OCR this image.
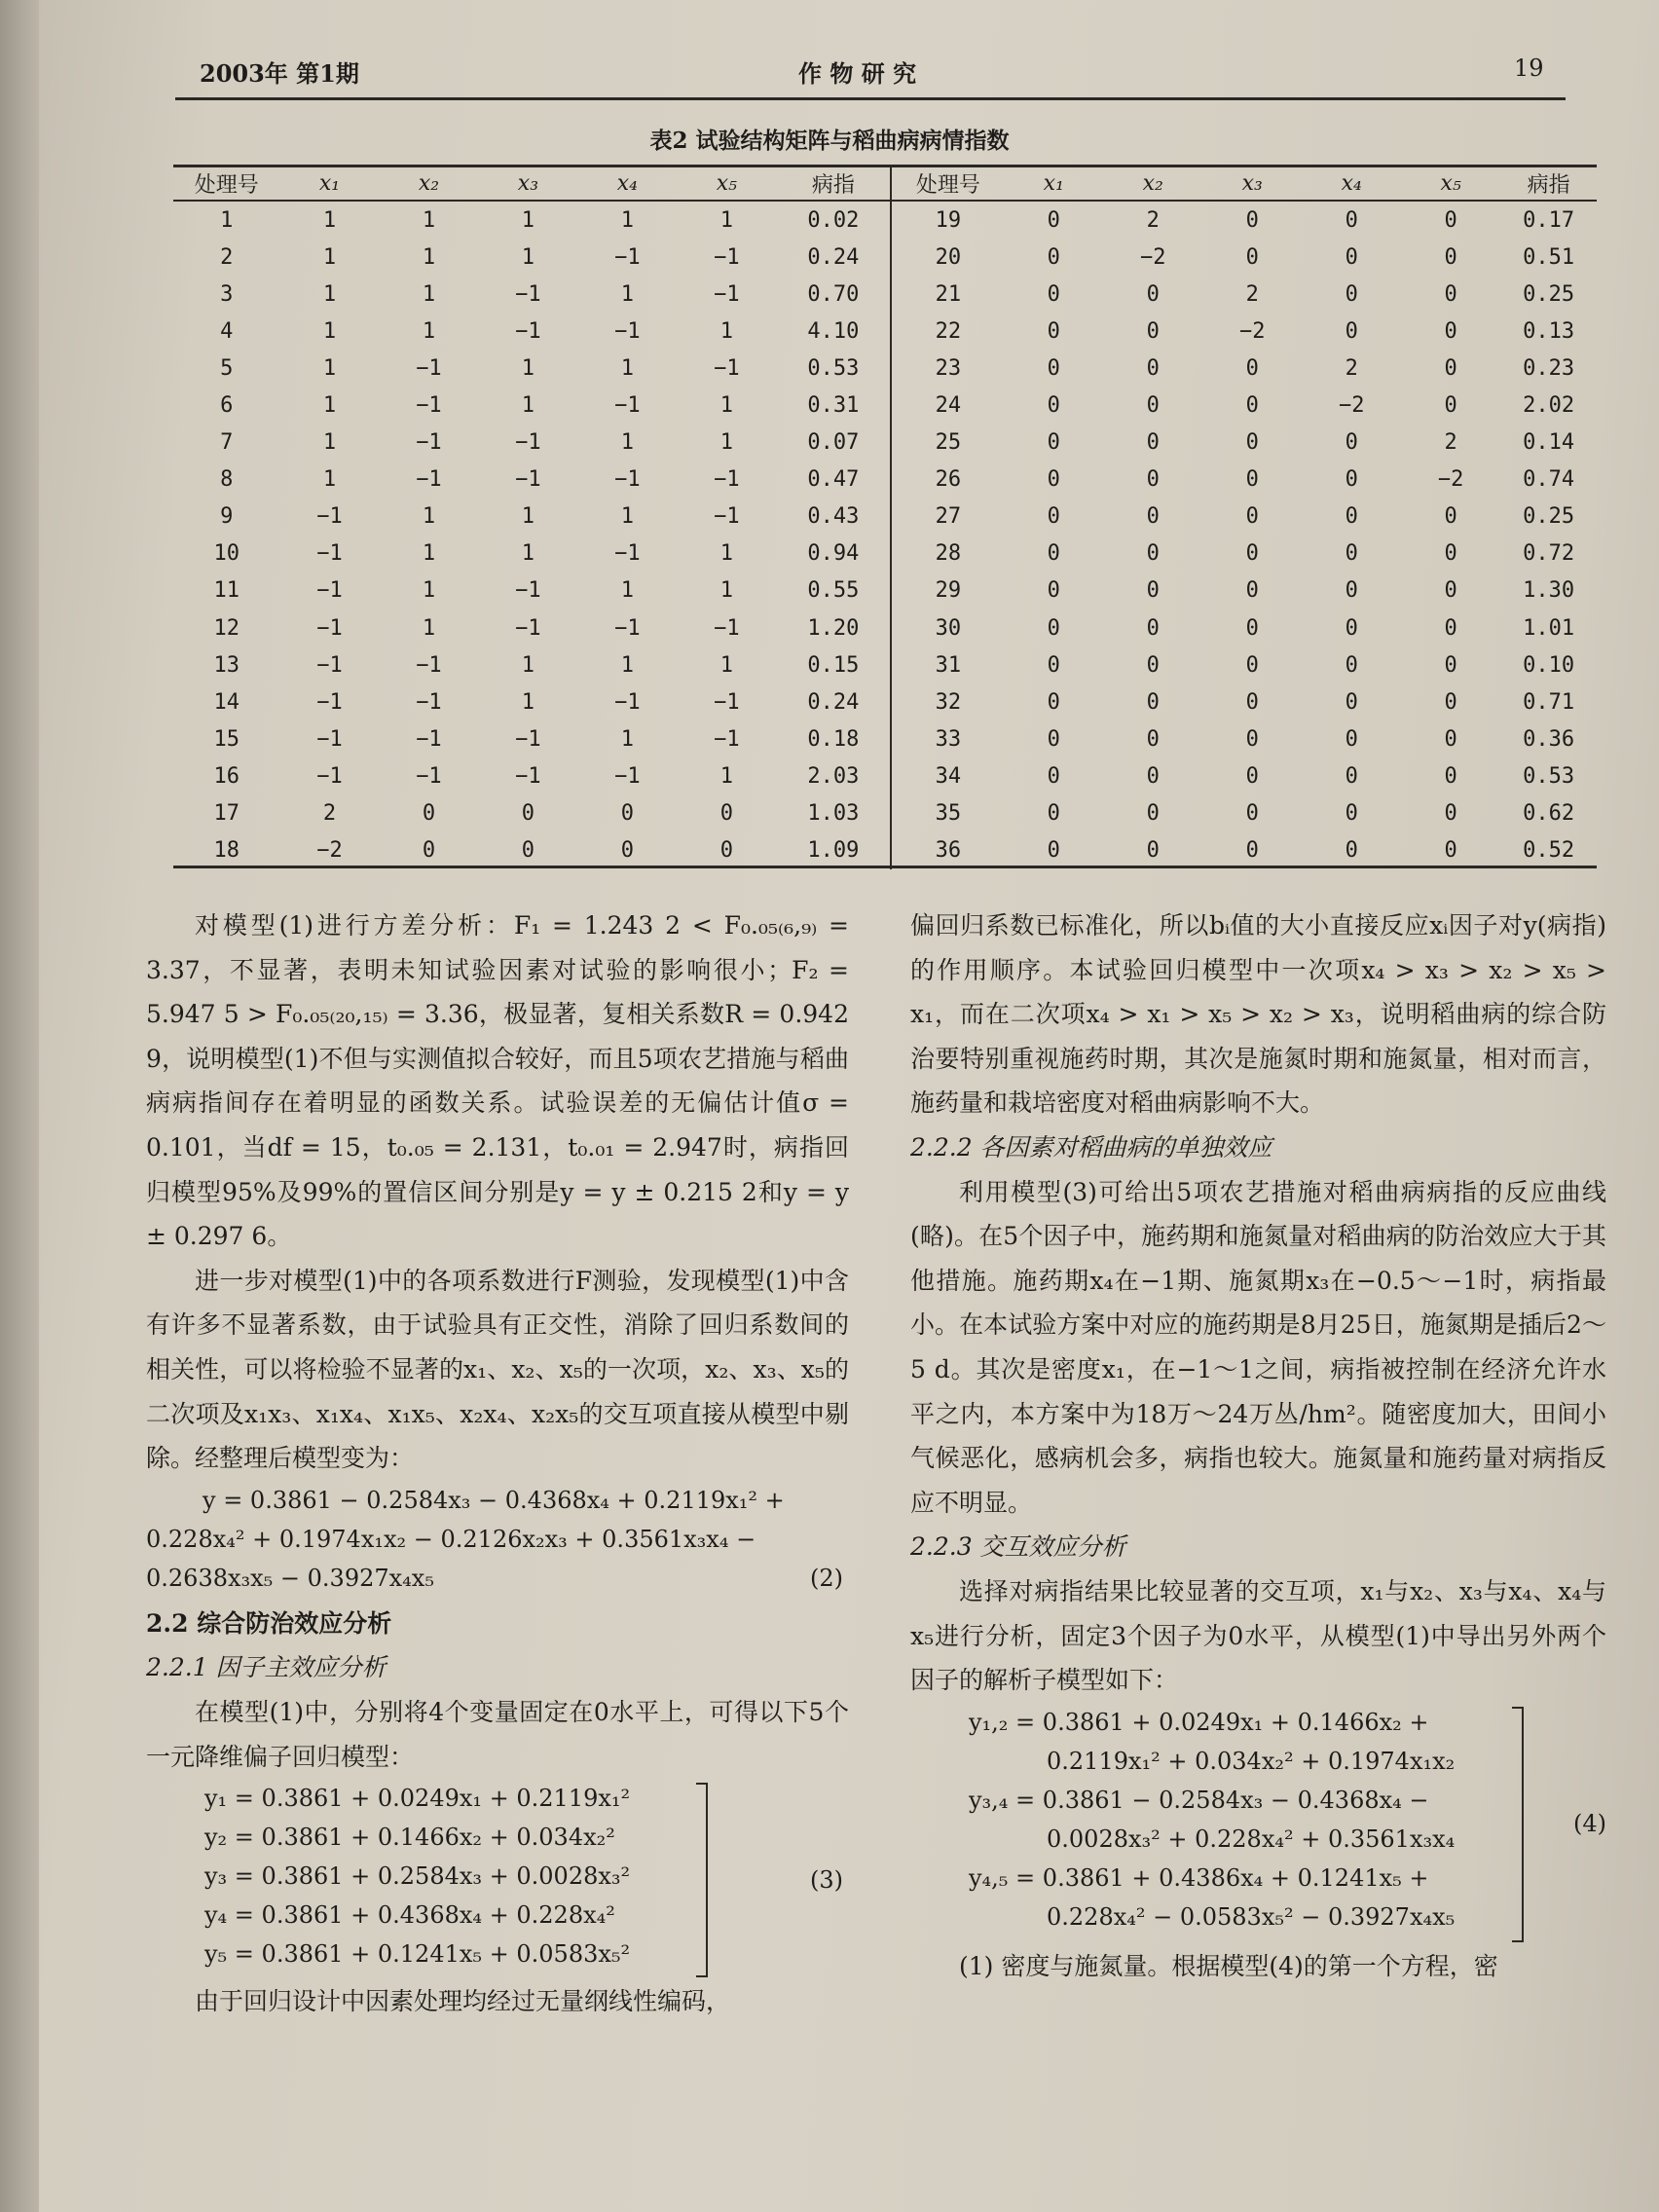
2003年 第1期	作 物 研 究	19
表2 试验结构矩阵与稻曲病病情指数
处理号	x₁	x₂	x₃	x₄	x₅	病指	处理号	x₁	x₂	x₃	x₄	x₅	病指
1	1	1	1	1	1	0.02	19	0	2	0	0	0	0.17
2	1	1	1	−1	−1	0.24	20	0	−2	0	0	0	0.51
3	1	1	−1	1	−1	0.70	21	0	0	2	0	0	0.25
4	1	1	−1	−1	1	4.10	22	0	0	−2	0	0	0.13
5	1	−1	1	1	−1	0.53	23	0	0	0	2	0	0.23
6	1	−1	1	−1	1	0.31	24	0	0	0	−2	0	2.02
7	1	−1	−1	1	1	0.07	25	0	0	0	0	2	0.14
8	1	−1	−1	−1	−1	0.47	26	0	0	0	0	−2	0.74
9	−1	1	1	1	−1	0.43	27	0	0	0	0	0	0.25
10	−1	1	1	−1	1	0.94	28	0	0	0	0	0	0.72
11	−1	1	−1	1	1	0.55	29	0	0	0	0	0	1.30
12	−1	1	−1	−1	−1	1.20	30	0	0	0	0	0	1.01
13	−1	−1	1	1	1	0.15	31	0	0	0	0	0	0.10
14	−1	−1	1	−1	−1	0.24	32	0	0	0	0	0	0.71
15	−1	−1	−1	1	−1	0.18	33	0	0	0	0	0	0.36
16	−1	−1	−1	−1	1	2.03	34	0	0	0	0	0	0.53
17	2	0	0	0	0	1.03	35	0	0	0	0	0	0.62
18	−2	0	0	0	0	1.09	36	0	0	0	0	0	0.52

对模型(1)进行方差分析：F₁ = 1.243 2 < F₀.₀₅₍₆,₉₎ = 3.37，不显著，表明未知试验因素对试验的影响很小；F₂ = 5.947 5 > F₀.₀₅₍₂₀,₁₅₎ = 3.36，极显著，复相关系数R = 0.942 9，说明模型(1)不但与实测值拟合较好，而且5项农艺措施与稻曲病病指间存在着明显的函数关系。试验误差的无偏估计值σ = 0.101，当df = 15，t₀.₀₅ = 2.131，t₀.₀₁ = 2.947时，病指回归模型95%及99%的置信区间分别是y = y ± 0.215 2和y = y ± 0.297 6。

进一步对模型(1)中的各项系数进行F测验，发现模型(1)中含有许多不显著系数，由于试验具有正交性，消除了回归系数间的相关性，可以将检验不显著的x₁、x₂、x₅的一次项，x₂、x₃、x₅的二次项及x₁x₃、x₁x₄、x₁x₅、x₂x₄、x₂x₅的交互项直接从模型中剔除。经整理后模型变为：

y = 0.3861 − 0.2584x₃ − 0.4368x₄ + 0.2119x₁² +
0.228x₄² + 0.1974x₁x₂ − 0.2126x₂x₃ + 0.3561x₃x₄ −
0.2638x₃x₅ − 0.3927x₄x₅	(2)
2.2 综合防治效应分析
2.2.1 因子主效应分析

在模型(1)中，分别将4个变量固定在0水平上，可得以下5个一元降维偏子回归模型：

y₁ = 0.3861 + 0.0249x₁ + 0.2119x₁²
y₂ = 0.3861 + 0.1466x₂ + 0.034x₂²
y₃ = 0.3861 + 0.2584x₃ + 0.0028x₃²
y₄ = 0.3861 + 0.4368x₄ + 0.228x₄²
y₅ = 0.3861 + 0.1241x₅ + 0.0583x₅²
(3)

由于回归设计中因素处理均经过无量纲线性编码，

偏回归系数已标准化，所以bᵢ值的大小直接反应xᵢ因子对y(病指)的作用顺序。本试验回归模型中一次项x₄ > x₃ > x₂ > x₅ > x₁，而在二次项x₄ > x₁ > x₅ > x₂ > x₃，说明稻曲病的综合防治要特别重视施药时期，其次是施氮时期和施氮量，相对而言，施药量和栽培密度对稻曲病影响不大。

2.2.2 各因素对稻曲病的单独效应

利用模型(3)可给出5项农艺措施对稻曲病病指的反应曲线(略)。在5个因子中，施药期和施氮量对稻曲病的防治效应大于其他措施。施药期x₄在−1期、施氮期x₃在−0.5～−1时，病指最小。在本试验方案中对应的施药期是8月25日，施氮期是插后2～5 d。其次是密度x₁，在−1～1之间，病指被控制在经济允许水平之内，本方案中为18万～24万丛/hm²。随密度加大，田间小气候恶化，感病机会多，病指也较大。施氮量和施药量对病指反应不明显。

2.2.3 交互效应分析

选择对病指结果比较显著的交互项，x₁与x₂、x₃与x₄、x₄与x₅进行分析，固定3个因子为0水平，从模型(1)中导出另外两个因子的解析子模型如下：

y₁,₂ = 0.3861 + 0.0249x₁ + 0.1466x₂ +
0.2119x₁² + 0.034x₂² + 0.1974x₁x₂
y₃,₄ = 0.3861 − 0.2584x₃ − 0.4368x₄ −
0.0028x₃² + 0.228x₄² + 0.3561x₃x₄
y₄,₅ = 0.3861 + 0.4386x₄ + 0.1241x₅ +
0.228x₄² − 0.0583x₅² − 0.3927x₄x₅
(4)

(1) 密度与施氮量。根据模型(4)的第一个方程，密
